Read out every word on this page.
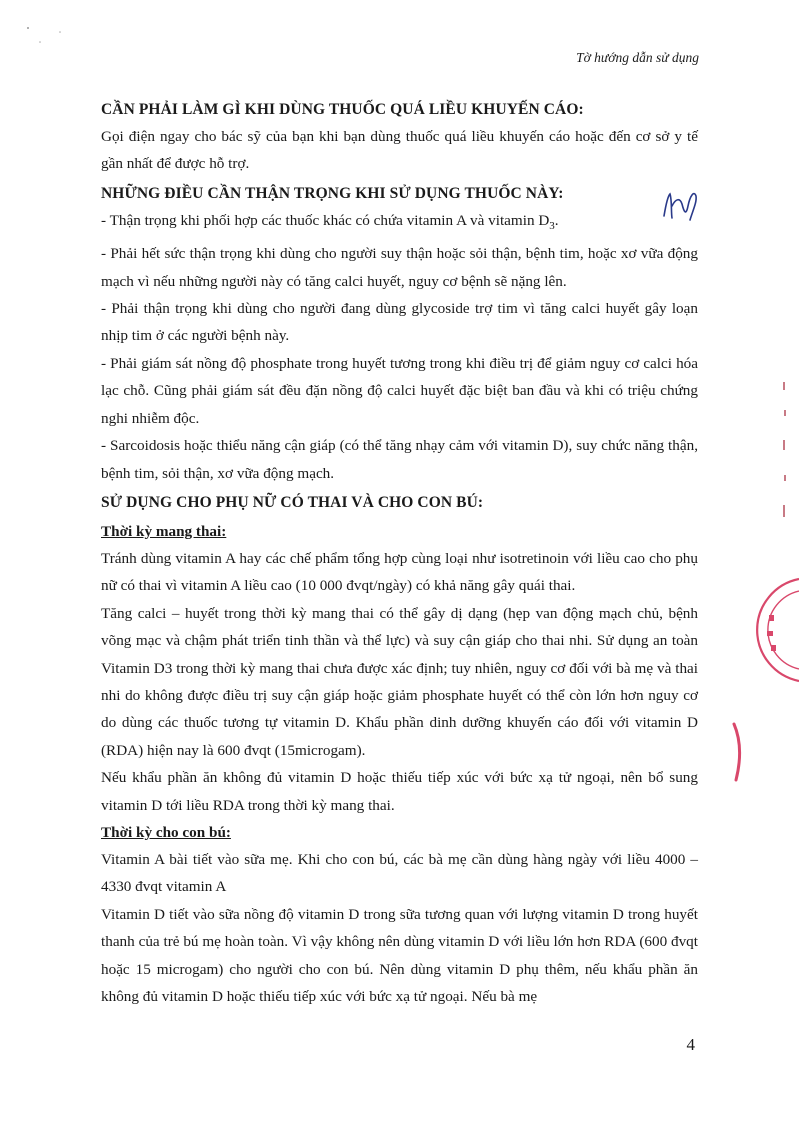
Tờ hướng dẫn sử dụng
CẦN PHẢI LÀM GÌ KHI DÙNG THUỐC QUÁ LIỀU KHUYẾN CÁO:

Gọi điện ngay cho bác sỹ của bạn khi bạn dùng thuốc quá liều khuyến cáo hoặc đến cơ sở y tế gần nhất để được hỗ trợ.

NHỮNG ĐIỀU CẦN THẬN TRỌNG KHI SỬ DỤNG THUỐC NÀY:

- Thận trọng khi phối hợp các thuốc khác có chứa vitamin A và vitamin $D_3$.

- Phải hết sức thận trọng khi dùng cho người suy thận hoặc sỏi thận, bệnh tim, hoặc xơ vữa động mạch vì nếu những người này có tăng calci huyết, nguy cơ bệnh sẽ nặng lên.

- Phải thận trọng khi dùng cho người đang dùng glycoside trợ tim vì tăng calci huyết gây loạn nhịp tim ở các người bệnh này.

- Phải giám sát nồng độ phosphate trong huyết tương trong khi điều trị để giảm nguy cơ calci hóa lạc chỗ. Cũng phải giám sát đều đặn nồng độ calci huyết đặc biệt ban đầu và khi có triệu chứng nghi nhiễm độc.

- Sarcoidosis hoặc thiểu năng cận giáp (có thể tăng nhạy cảm với vitamin D), suy chức năng thận, bệnh tim, sỏi thận, xơ vữa động mạch.

SỬ DỤNG CHO PHỤ NỮ CÓ THAI VÀ CHO CON BÚ:
Thời kỳ mang thai:

Tránh dùng vitamin A hay các chế phẩm tổng hợp cùng loại như isotretinoin với liều cao cho phụ nữ có thai vì vitamin A liều cao (10 000 đvqt/ngày) có khả năng gây quái thai.

Tăng calci – huyết trong thời kỳ mang thai có thể gây dị dạng (hẹp van động mạch chủ, bệnh võng mạc và chậm phát triển tinh thần và thể lực) và suy cận giáp cho thai nhi. Sử dụng an toàn Vitamin D3 trong thời kỳ mang thai chưa được xác định; tuy nhiên, nguy cơ đối với bà mẹ và thai nhi do không được điều trị suy cận giáp hoặc giảm phosphate huyết có thể còn lớn hơn nguy cơ do dùng các thuốc tương tự vitamin D. Khẩu phần dinh dưỡng khuyến cáo đối với vitamin D (RDA) hiện nay là 600 đvqt (15microgam).

Nếu khẩu phần ăn không đủ vitamin D hoặc thiếu tiếp xúc với bức xạ tử ngoại, nên bổ sung vitamin D tới liều RDA trong thời kỳ mang thai.

Thời kỳ cho con bú:

Vitamin A bài tiết vào sữa mẹ. Khi cho con bú, các bà mẹ cần dùng hàng ngày với liều 4000 – 4330 đvqt vitamin A

Vitamin D tiết vào sữa nồng độ vitamin D trong sữa tương quan với lượng vitamin D trong huyết thanh của trẻ bú mẹ hoàn toàn. Vì vậy không nên dùng vitamin D với liều lớn hơn RDA (600 đvqt hoặc 15 microgam) cho người cho con bú. Nên dùng vitamin D phụ thêm, nếu khẩu phần ăn không đủ vitamin D hoặc thiếu tiếp xúc với bức xạ tử ngoại. Nếu bà mẹ

4
